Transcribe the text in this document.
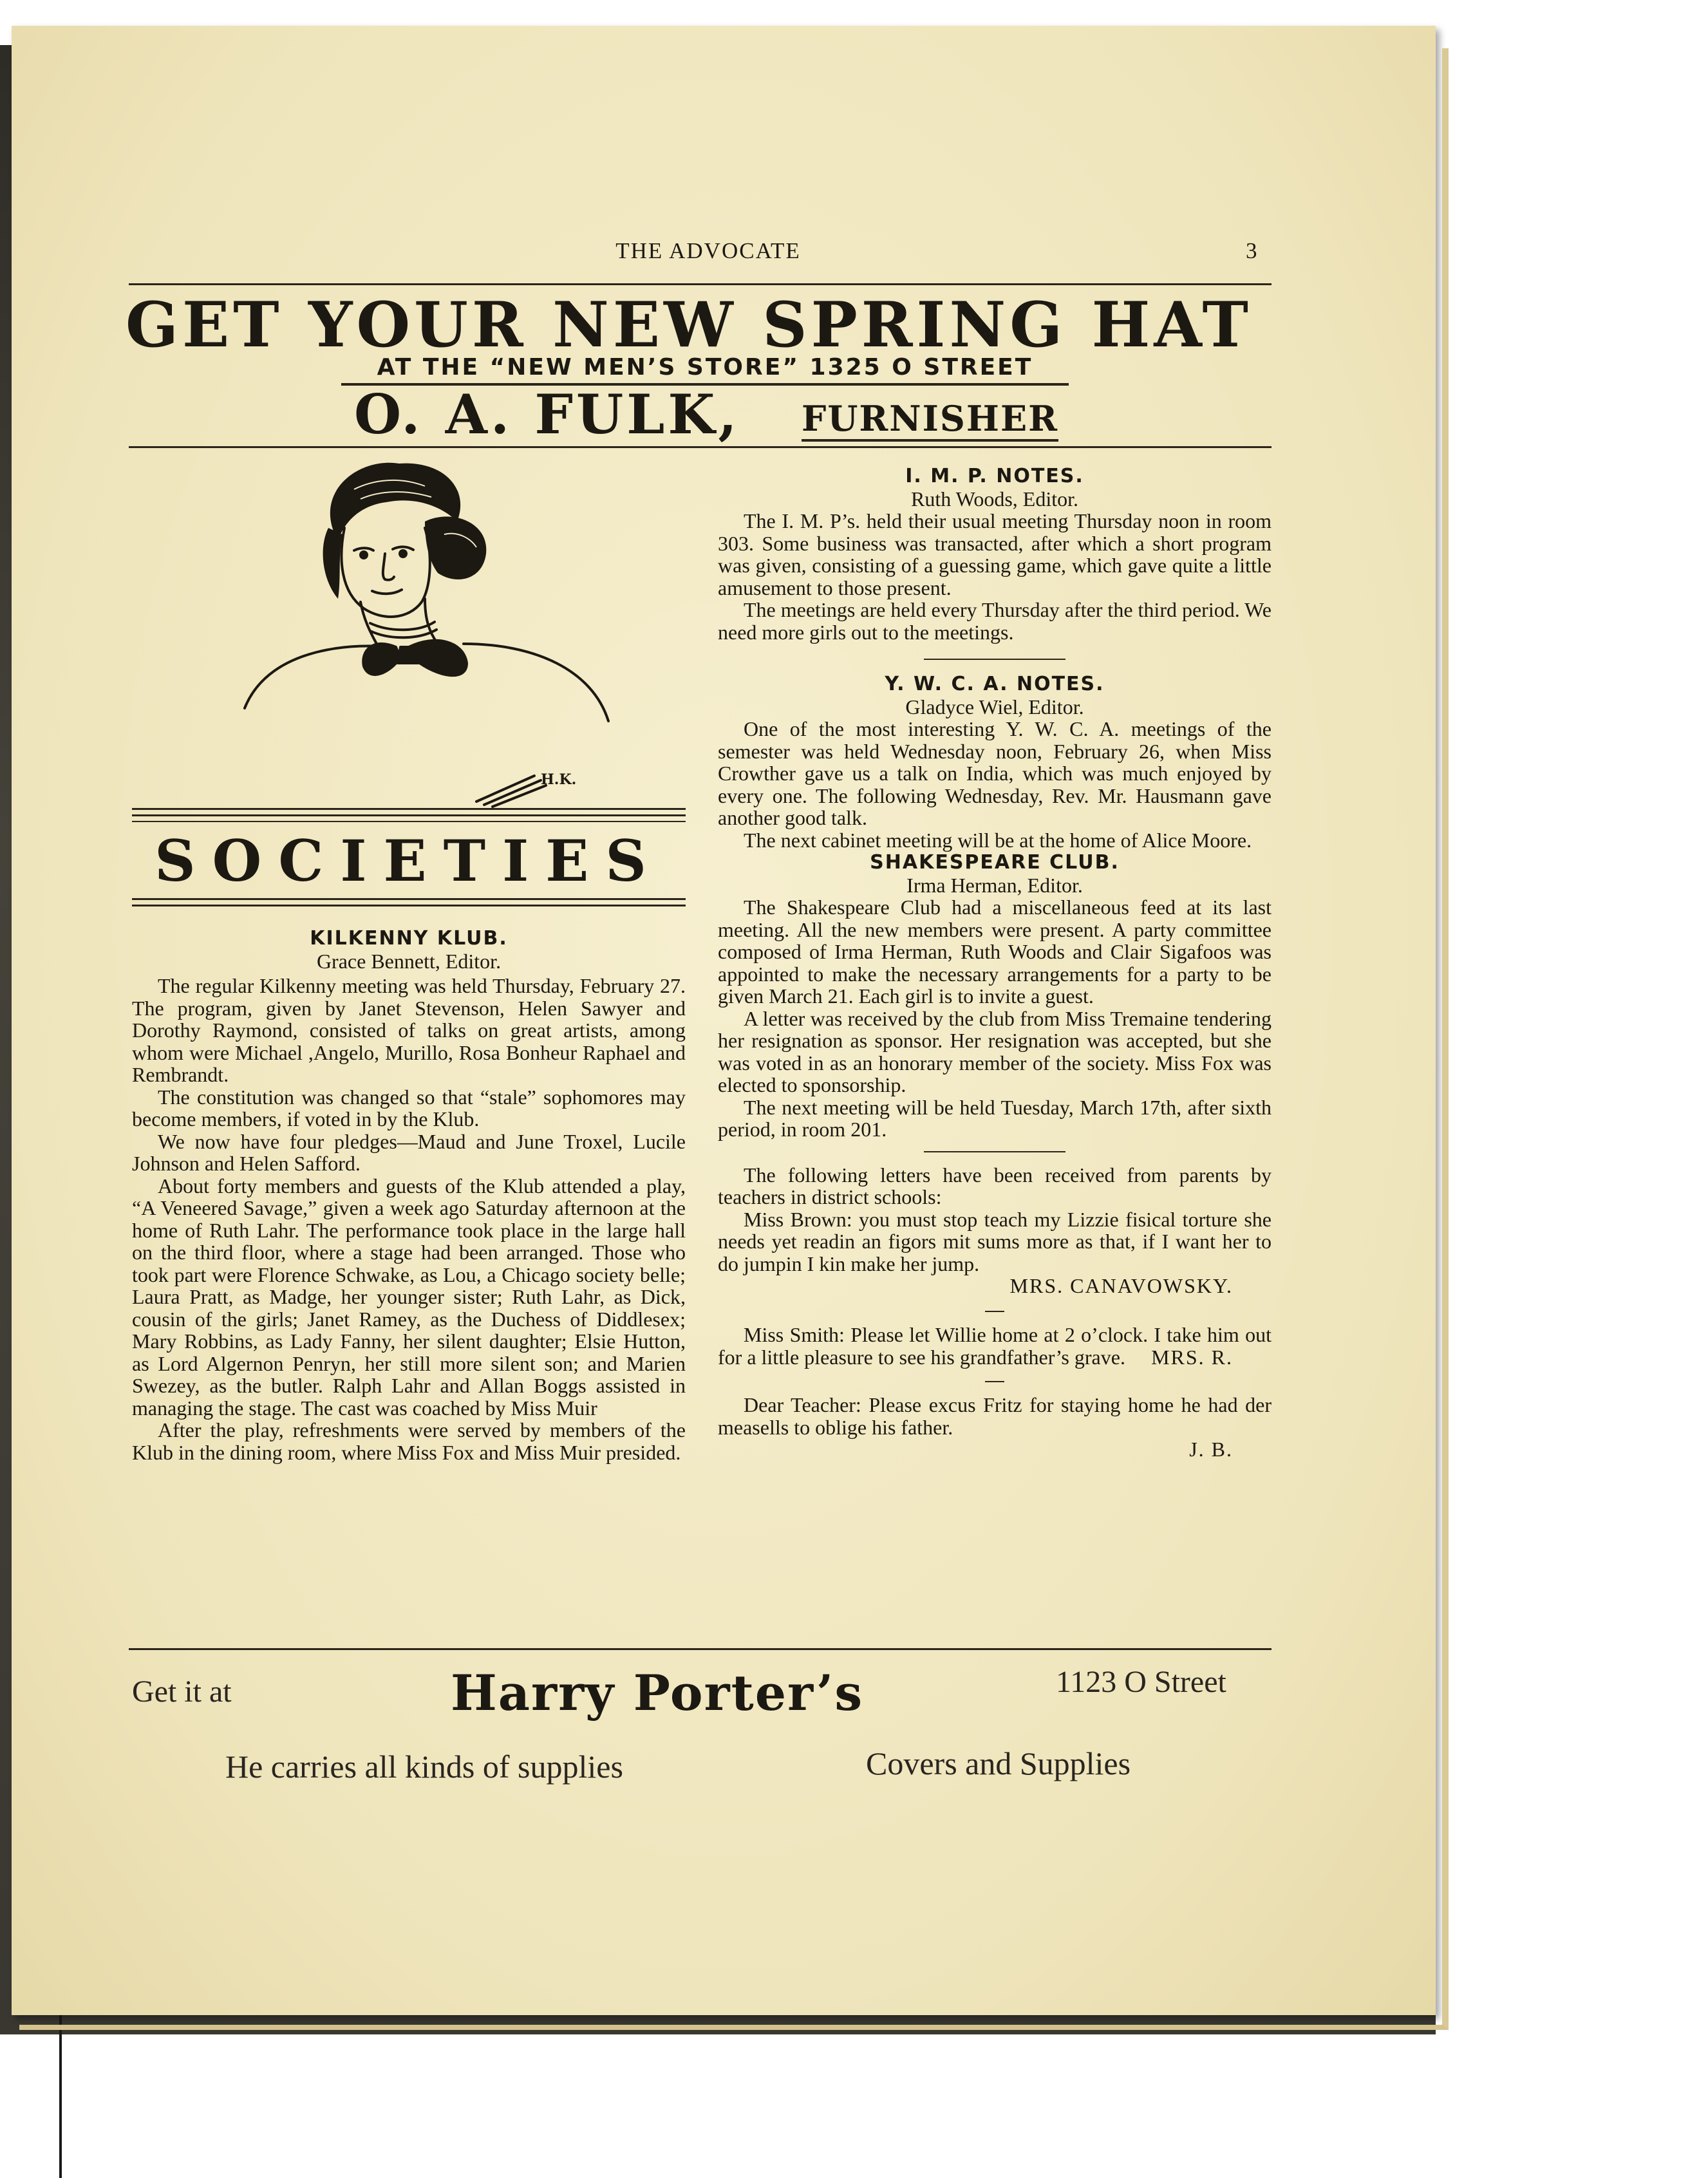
THE ADVOCATE	3
GET YOUR NEW SPRING HAT
AT THE “NEW MEN’S STORE” 1325 O STREET
O. A. FULK, FURNISHER
H.K.
SOCIETIES
KILKENNY KLUB.
Grace Bennett, Editor.

The regular Kilkenny meeting was held Thursday, February 27. The program, given by Janet Stevenson, Helen Sawyer and Dorothy Raymond, consisted of talks on great artists, among whom were Michael ,Angelo, Murillo, Rosa Bonheur Raphael and Rembrandt.

The constitution was changed so that “stale” sophomores may become members, if voted in by the Klub.

We now have four pledges—Maud and June Troxel, Lucile Johnson and Helen Safford.

About forty members and guests of the Klub attended a play, “A Veneered Savage,” given a week ago Saturday afternoon at the home of Ruth Lahr. The performance took place in the large hall on the third floor, where a stage had been arranged. Those who took part were Florence Schwake, as Lou, a Chicago society belle; Laura Pratt, as Madge, her younger sister; Ruth Lahr, as Dick, cousin of the girls; Janet Ramey, as the Duchess of Diddlesex; Mary Robbins, as Lady Fanny, her silent daughter; Elsie Hutton, as Lord Algernon Penryn, her still more silent son; and Marien Swezey, as the butler. Ralph Lahr and Allan Boggs assisted in managing the stage. The cast was coached by Miss Muir

After the play, refreshments were served by members of the Klub in the dining room, where Miss Fox and Miss Muir presided.

I. M. P. NOTES.
Ruth Woods, Editor.

The I. M. P’s. held their usual meeting Thursday noon in room 303. Some business was transacted, after which a short program was given, consisting of a guessing game, which gave quite a little amusement to those present.

The meetings are held every Thursday after the third period. We need more girls out to the meetings.

Y. W. C. A. NOTES.
Gladyce Wiel, Editor.

One of the most interesting Y. W. C. A. meetings of the semester was held Wednesday noon, February 26, when Miss Crowther gave us a talk on India, which was much enjoyed by every one. The following Wednesday, Rev. Mr. Hausmann gave another good talk.

The next cabinet meeting will be at the home of Alice Moore.

SHAKESPEARE CLUB.
Irma Herman, Editor.

The Shakespeare Club had a miscellaneous feed at its last meeting. All the new members were present. A party committee composed of Irma Herman, Ruth Woods and Clair Sigafoos was appointed to make the necessary arrangements for a party to be given March 21. Each girl is to invite a guest.

A letter was received by the club from Miss Tremaine tendering her resignation as sponsor. Her resignation was accepted, but she was voted in as an honorary member of the society. Miss Fox was elected to sponsorship.

The next meeting will be held Tuesday, March 17th, after sixth period, in room 201.

The following letters have been received from parents by teachers in district schools:

Miss Brown: you must stop teach my Lizzie fisical torture she needs yet readin an figors mit sums more as that, if I want her to do jumpin I kin make her jump.

MRS. CANAVOWSKY.

Miss Smith: Please let Willie home at 2 o’clock. I take him out for a little pleasure to see his grandfather’s grave.	MRS. R.

Dear Teacher: Please excus Fritz for staying home he had der measells to oblige his father.

J. B.
Get it at	Harry Porter’s	1123 O Street
He carries all kinds of supplies	Covers and Supplies
